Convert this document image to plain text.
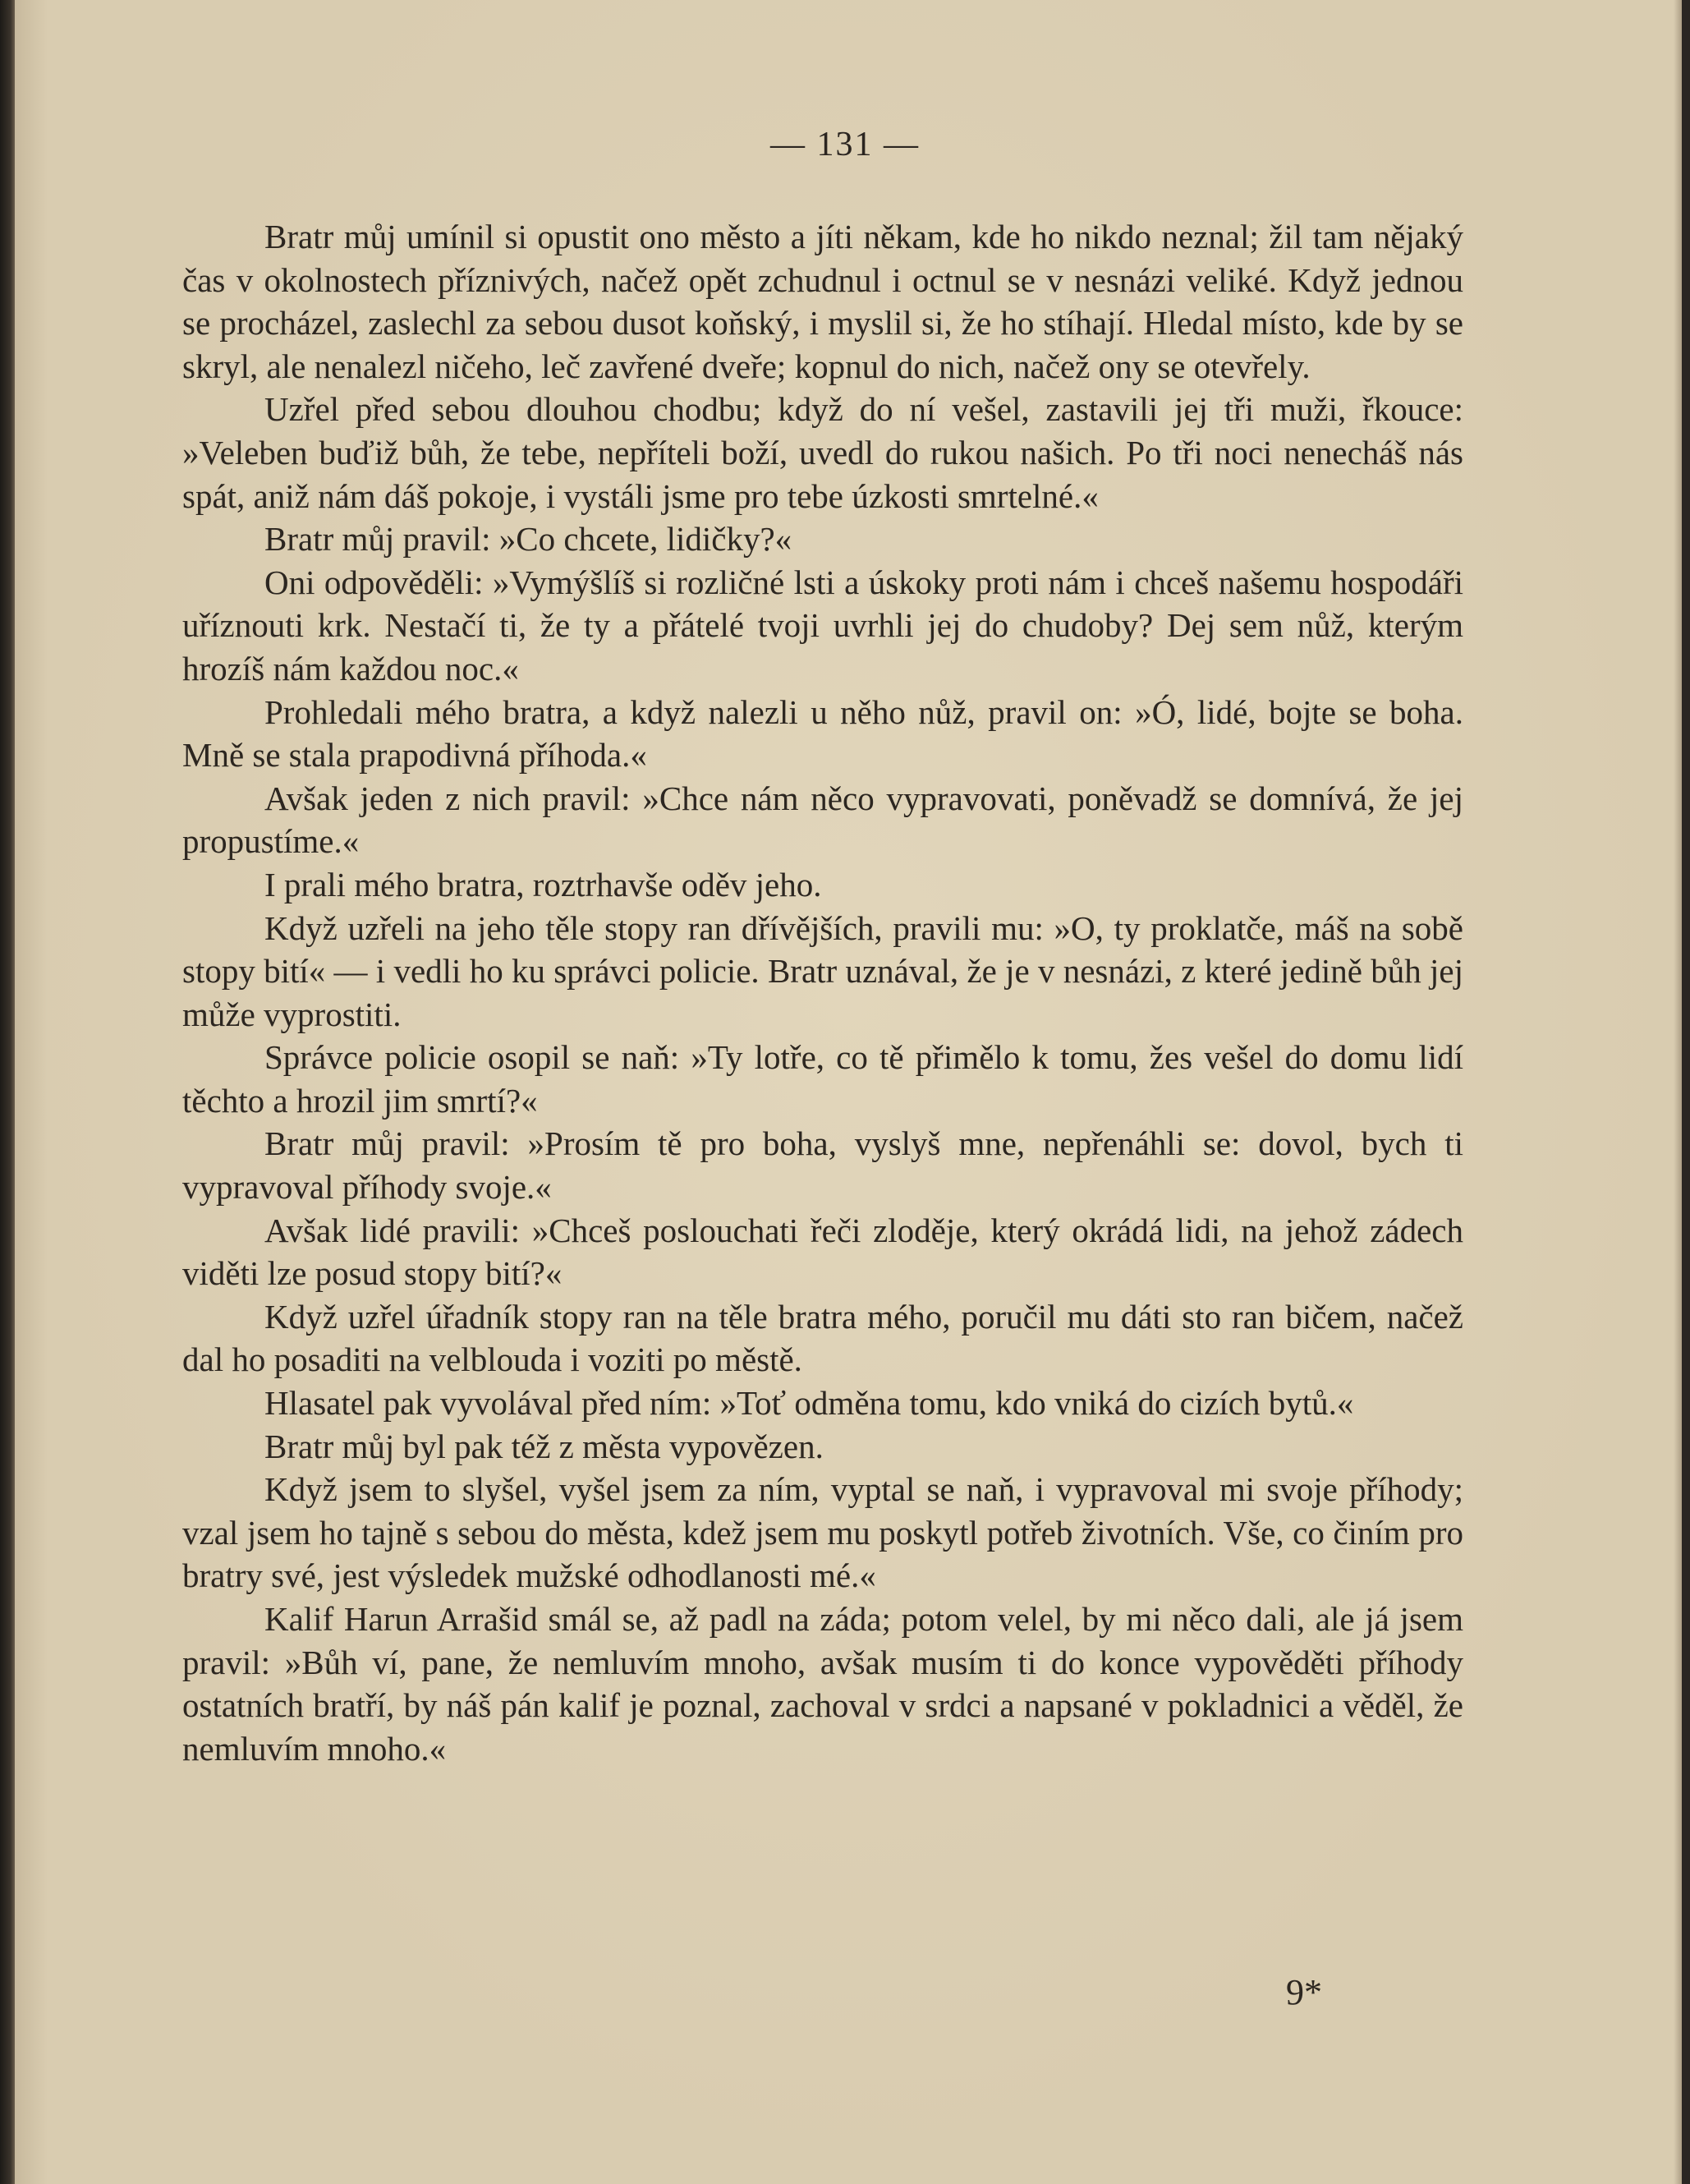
— 131 —

Bratr můj umínil si opustit ono město a jíti někam, kde ho nikdo neznal; žil tam nějaký čas v okolnostech příznivých, načež opět zchudnul i octnul se v nesnázi veliké. Když jednou se procházel, zaslechl za sebou dusot koňský, i myslil si, že ho stíhají. Hledal místo, kde by se skryl, ale nenalezl ničeho, leč zavřené dveře; kopnul do nich, načež ony se otevřely.

Uzřel před sebou dlouhou chodbu; když do ní vešel, zastavili jej tři muži, řkouce: »Veleben buďiž bůh, že tebe, nepříteli boží, uvedl do rukou našich. Po tři noci nenecháš nás spát, aniž nám dáš pokoje, i vystáli jsme pro tebe úzkosti smrtelné.«

Bratr můj pravil: »Co chcete, lidičky?«

Oni odpověděli: »Vymýšlíš si rozličné lsti a úskoky proti nám i chceš našemu hospodáři uříznouti krk. Nestačí ti, že ty a přátelé tvoji uvrhli jej do chudoby? Dej sem nůž, kterým hrozíš nám každou noc.«

Prohledali mého bratra, a když nalezli u něho nůž, pravil on: »Ó, lidé, bojte se boha. Mně se stala prapodivná příhoda.«

Avšak jeden z nich pravil: »Chce nám něco vypravovati, poněvadž se domnívá, že jej propustíme.«

I prali mého bratra, roztrhavše oděv jeho.

Když uzřeli na jeho těle stopy ran dřívějších, pravili mu: »O, ty proklatče, máš na sobě stopy bití« — i vedli ho ku správci policie. Bratr uznával, že je v nesnázi, z které jedině bůh jej může vyprostiti.

Správce policie osopil se naň: »Ty lotře, co tě přimělo k tomu, žes vešel do domu lidí těchto a hrozil jim smrtí?«

Bratr můj pravil: »Prosím tě pro boha, vyslyš mne, nepřenáhli se: dovol, bych ti vypravoval příhody svoje.«

Avšak lidé pravili: »Chceš poslouchati řeči zloděje, který okrádá lidi, na jehož zádech viděti lze posud stopy bití?«

Když uzřel úřadník stopy ran na těle bratra mého, poručil mu dáti sto ran bičem, načež dal ho posaditi na velblouda i voziti po městě.

Hlasatel pak vyvolával před ním: »Toť odměna tomu, kdo vniká do cizích bytů.«

Bratr můj byl pak též z města vypovězen.

Když jsem to slyšel, vyšel jsem za ním, vyptal se naň, i vypravoval mi svoje příhody; vzal jsem ho tajně s sebou do města, kdež jsem mu poskytl potřeb životních. Vše, co činím pro bratry své, jest výsledek mužské odhodlanosti mé.«

Kalif Harun Arrašid smál se, až padl na záda; potom velel, by mi něco dali, ale já jsem pravil: »Bůh ví, pane, že nemluvím mnoho, avšak musím ti do konce vypověděti příhody ostatních bratří, by náš pán kalif je poznal, zachoval v srdci a napsané v pokladnici a věděl, že nemluvím mnoho.«

9*
